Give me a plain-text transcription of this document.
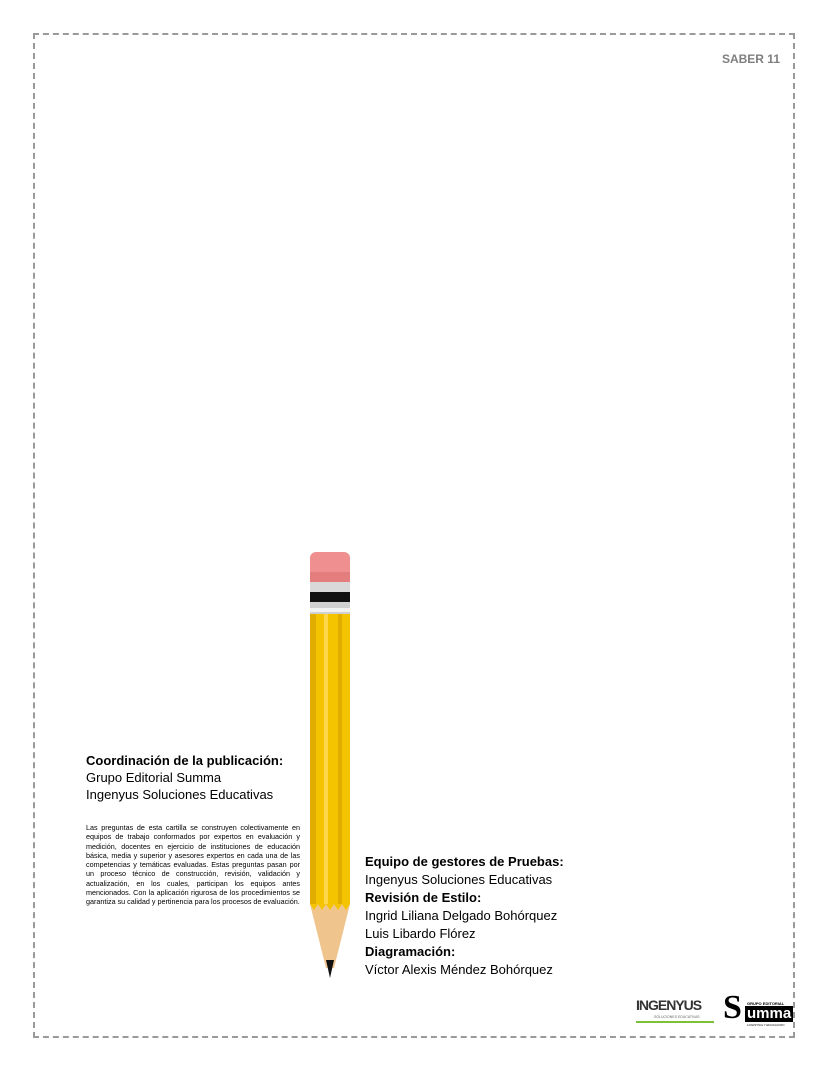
SABER 11
Coordinación de la publicación:
Grupo Editorial Summa
Ingenyus Soluciones Educativas
Las preguntas de esta cartilla se construyen colectivamente en equipos de trabajo conformados por expertos en evaluación y medición, docentes en ejercicio de instituciones de educación básica, media y superior y asesores expertos en cada una de las competencias y temáticas evaluadas. Estas preguntas pasan por un proceso técnico de construcción, revisión, validación y actualización, en los cuales, participan los equipos antes mencionados. Con la aplicación rigurosa de los procedimientos se garantiza su calidad y pertinencia para los procesos de evaluación.
Equipo de gestores de Pruebas:
Ingenyus Soluciones Educativas
Revisión de Estilo:
Ingrid Liliana Delgado Bohórquez
Luis Libardo Flórez
Diagramación:
Víctor Alexis Méndez Bohórquez
INGENYUS
SOLUCIONES EDUCATIVAS S GRUPO EDITORIAL
umma
LOGISTICA Y EDUCACION
